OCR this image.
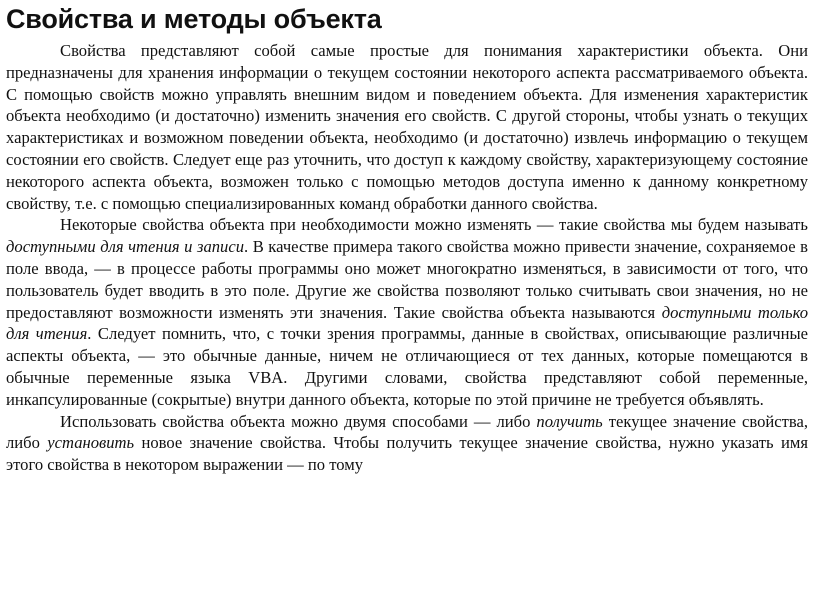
Свойства и методы объекта

Свойства представляют собой самые простые для понимания характеристики объекта. Они предназначены для хранения информации о текущем состоянии некоторого аспекта рассматриваемого объекта. С помощью свойств можно управлять внешним видом и поведением объекта. Для изменения характеристик объекта необходимо (и достаточно) изменить значения его свойств. С другой стороны, чтобы узнать о текущих характеристиках и возможном поведении объекта, необходимо (и достаточно) извлечь информацию о текущем состоянии его свойств. Следует еще раз уточнить, что доступ к каждому свойству, характеризующему состояние некоторого аспекта объекта, возможен только с помощью методов доступа именно к данному конкретному свойству, т.е. с помощью специализированных команд обработки данного свойства.

Некоторые свойства объекта при необходимости можно изменять — такие свойства мы будем называть доступными для чтения и записи. В качестве примера такого свойства можно привести значение, сохраняемое в поле ввода, — в процессе работы программы оно может многократно изменяться, в зависимости от того, что пользователь будет вводить в это поле. Другие же свойства позволяют только считывать свои значения, но не предоставляют возможности изменять эти значения. Такие свойства объекта называются доступными только для чтения. Следует помнить, что, с точки зрения программы, данные в свойствах, описывающие различные аспекты объекта, — это обычные данные, ничем не отличающиеся от тех данных, которые помещаются в обычные переменные языка VBA. Другими словами, свойства представляют собой переменные, инкапсулированные (сокрытые) внутри данного объекта, которые по этой причине не требуется объявлять.

Использовать свойства объекта можно двумя способами — либо получить текущее значение свойства, либо установить новое значение свойства. Чтобы получить текущее значение свойства, нужно указать имя этого свойства в некотором выражении — по тому
